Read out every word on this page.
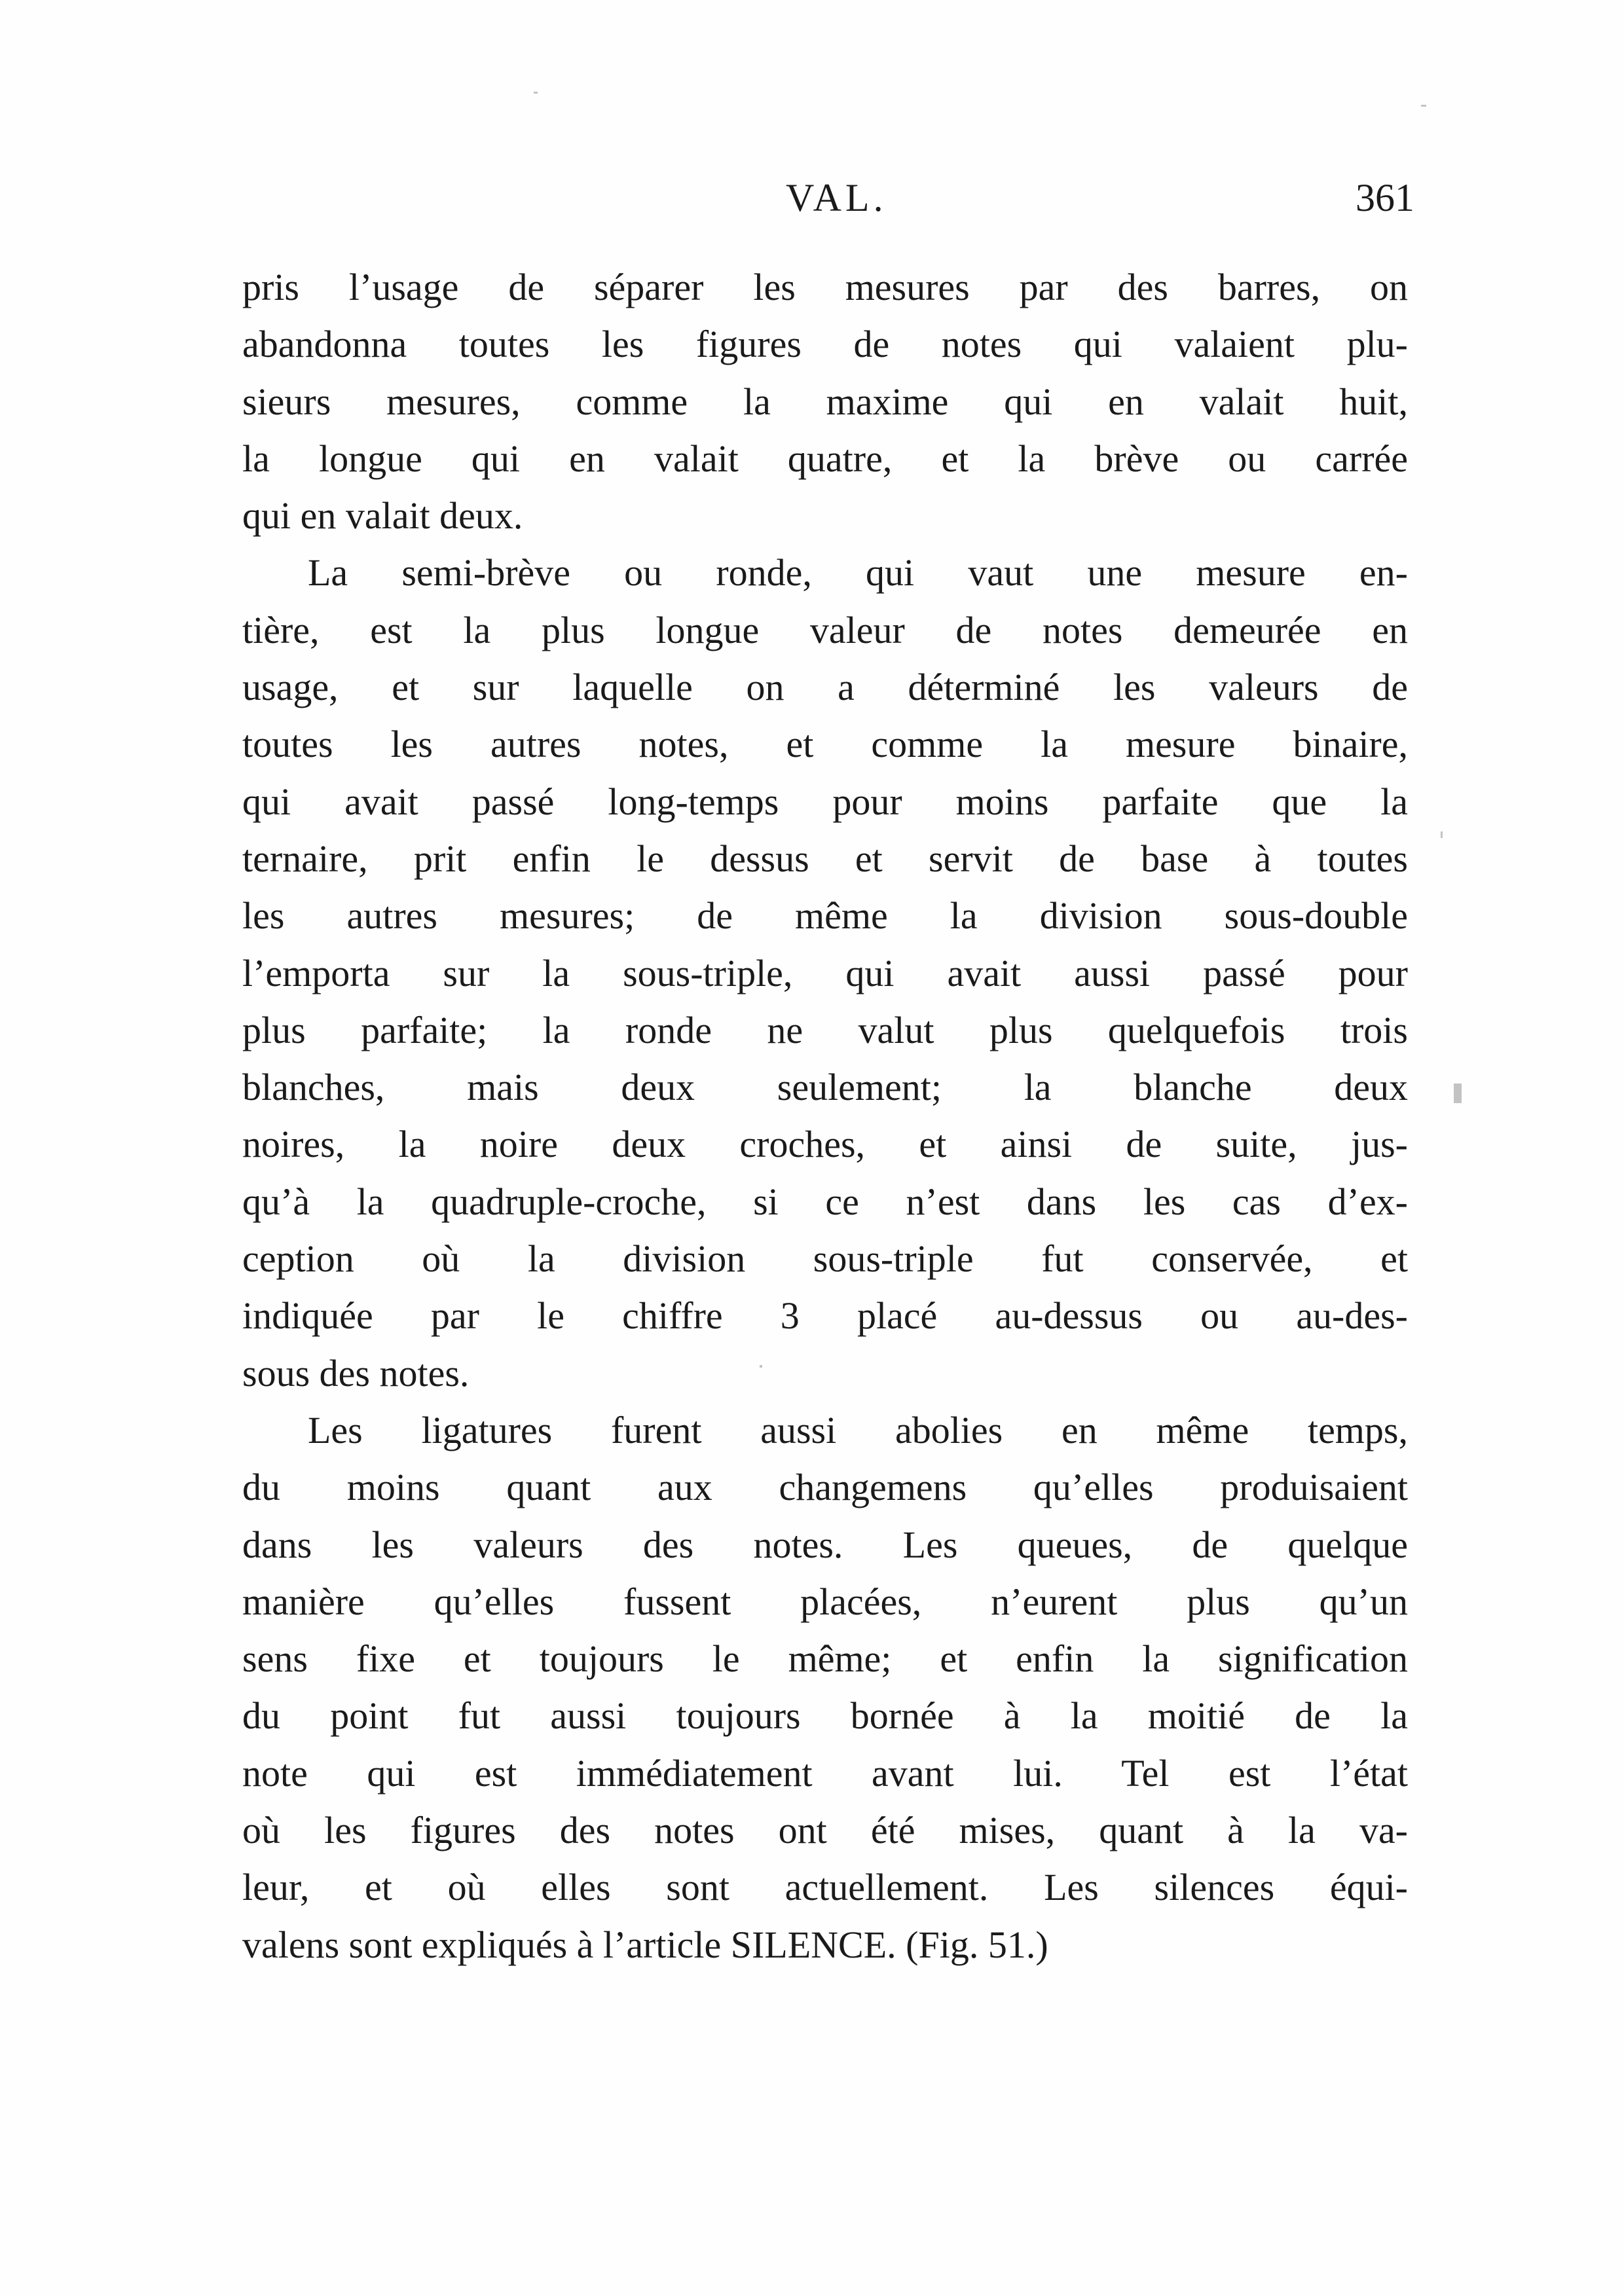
VAL.	361
pris l’usage de séparer les mesures par des barres, on
abandonna toutes les figures de notes qui valaient plu-
sieurs mesures, comme la maxime qui en valait huit,
la longue qui en valait quatre, et la brève ou carrée
qui en valait deux.
La semi-brève ou ronde, qui vaut une mesure en-
tière, est la plus longue valeur de notes demeurée en
usage, et sur laquelle on a déterminé les valeurs de
toutes les autres notes, et comme la mesure binaire,
qui avait passé long-temps pour moins parfaite que la
ternaire, prit enfin le dessus et servit de base à toutes
les autres mesures; de même la division sous-double
l’emporta sur la sous-triple, qui avait aussi passé pour
plus parfaite; la ronde ne valut plus quelquefois trois
blanches, mais deux seulement; la blanche deux
noires, la noire deux croches, et ainsi de suite, jus-
qu’à la quadruple-croche, si ce n’est dans les cas d’ex-
ception où la division sous-triple fut conservée, et
indiquée par le chiffre 3 placé au-dessus ou au-des-
sous des notes.
Les ligatures furent aussi abolies en même temps,
du moins quant aux changemens qu’elles produisaient
dans les valeurs des notes. Les queues, de quelque
manière qu’elles fussent placées, n’eurent plus qu’un
sens fixe et toujours le même; et enfin la signification
du point fut aussi toujours bornée à la moitié de la
note qui est immédiatement avant lui. Tel est l’état
où les figures des notes ont été mises, quant à la va-
leur, et où elles sont actuellement. Les silences équi-
valens sont expliqués à l’article SILENCE. (Fig. 51.)
